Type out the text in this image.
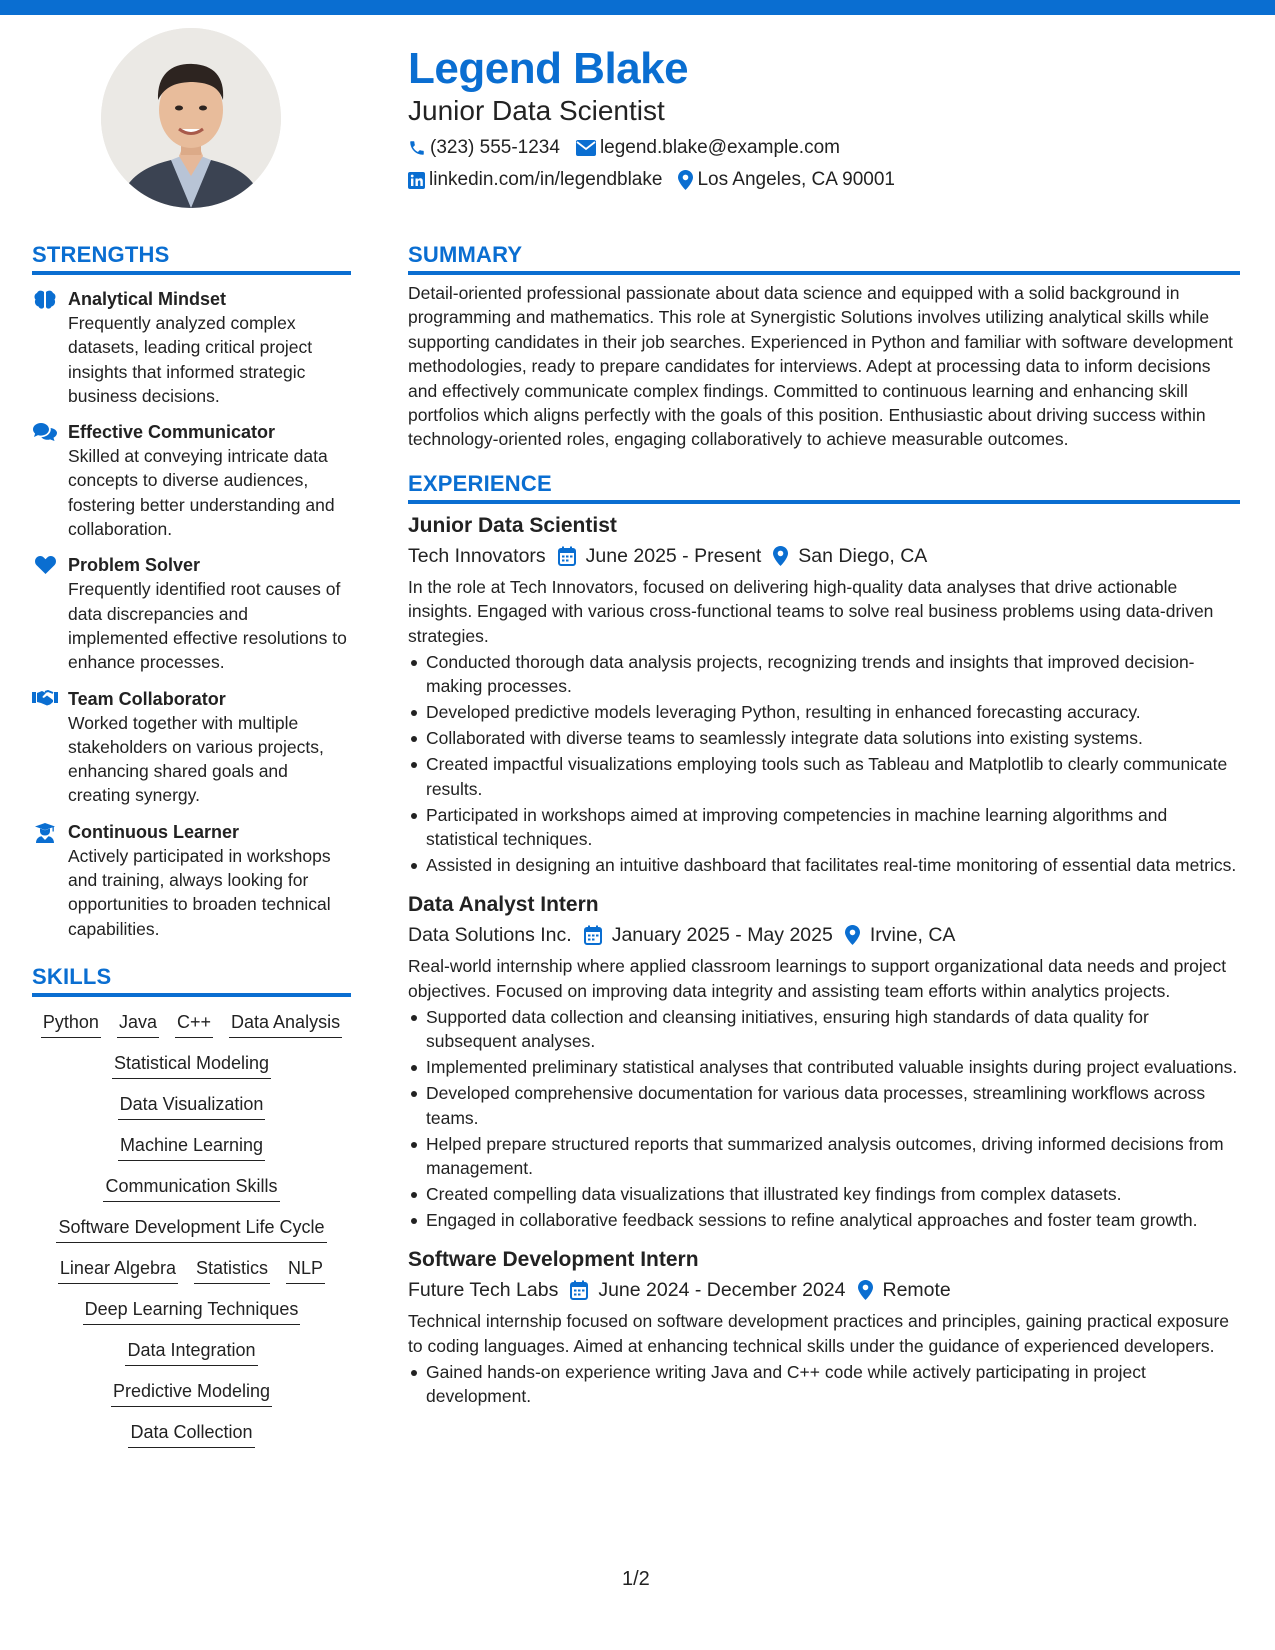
Legend Blake
Junior Data Scientist
(323) 555-1234 legend.blake@example.com
linkedin.com/in/legendblake Los Angeles, CA 90001
STRENGTHS
Analytical Mindset
Frequently analyzed complex datasets, leading critical project insights that informed strategic business decisions.
Effective Communicator
Skilled at conveying intricate data concepts to diverse audiences, fostering better understanding and collaboration.
Problem Solver
Frequently identified root causes of data discrepancies and implemented effective resolutions to enhance processes.
Team Collaborator
Worked together with multiple stakeholders on various projects, enhancing shared goals and creating synergy.
Continuous Learner
Actively participated in workshops and training, always looking for opportunities to broaden technical capabilities.
SKILLS
Python Java C++ Data Analysis
Statistical Modeling
Data Visualization
Machine Learning
Communication Skills
Software Development Life Cycle
Linear Algebra Statistics NLP
Deep Learning Techniques
Data Integration
Predictive Modeling
Data Collection
SUMMARY
Detail-oriented professional passionate about data science and equipped with a solid background in programming and mathematics. This role at Synergistic Solutions involves utilizing analytical skills while supporting candidates in their job searches. Experienced in Python and familiar with software development methodologies, ready to prepare candidates for interviews. Adept at processing data to inform decisions and effectively communicate complex findings. Committed to continuous learning and enhancing skill portfolios which aligns perfectly with the goals of this position. Enthusiastic about driving success within technology-oriented roles, engaging collaboratively to achieve measurable outcomes.
EXPERIENCE
Junior Data Scientist
Tech Innovators June 2025 - Present San Diego, CA
In the role at Tech Innovators, focused on delivering high-quality data analyses that drive actionable insights. Engaged with various cross-functional teams to solve real business problems using data-driven strategies.
Conducted thorough data analysis projects, recognizing trends and insights that improved decision-making processes.
Developed predictive models leveraging Python, resulting in enhanced forecasting accuracy.
Collaborated with diverse teams to seamlessly integrate data solutions into existing systems.
Created impactful visualizations employing tools such as Tableau and Matplotlib to clearly communicate results.
Participated in workshops aimed at improving competencies in machine learning algorithms and statistical techniques.
Assisted in designing an intuitive dashboard that facilitates real-time monitoring of essential data metrics.
Data Analyst Intern
Data Solutions Inc. January 2025 - May 2025 Irvine, CA
Real-world internship where applied classroom learnings to support organizational data needs and project objectives. Focused on improving data integrity and assisting team efforts within analytics projects.
Supported data collection and cleansing initiatives, ensuring high standards of data quality for subsequent analyses.
Implemented preliminary statistical analyses that contributed valuable insights during project evaluations.
Developed comprehensive documentation for various data processes, streamlining workflows across teams.
Helped prepare structured reports that summarized analysis outcomes, driving informed decisions from management.
Created compelling data visualizations that illustrated key findings from complex datasets.
Engaged in collaborative feedback sessions to refine analytical approaches and foster team growth.
Software Development Intern
Future Tech Labs June 2024 - December 2024 Remote
Technical internship focused on software development practices and principles, gaining practical exposure to coding languages. Aimed at enhancing technical skills under the guidance of experienced developers.
Gained hands-on experience writing Java and C++ code while actively participating in project development.
1/2
